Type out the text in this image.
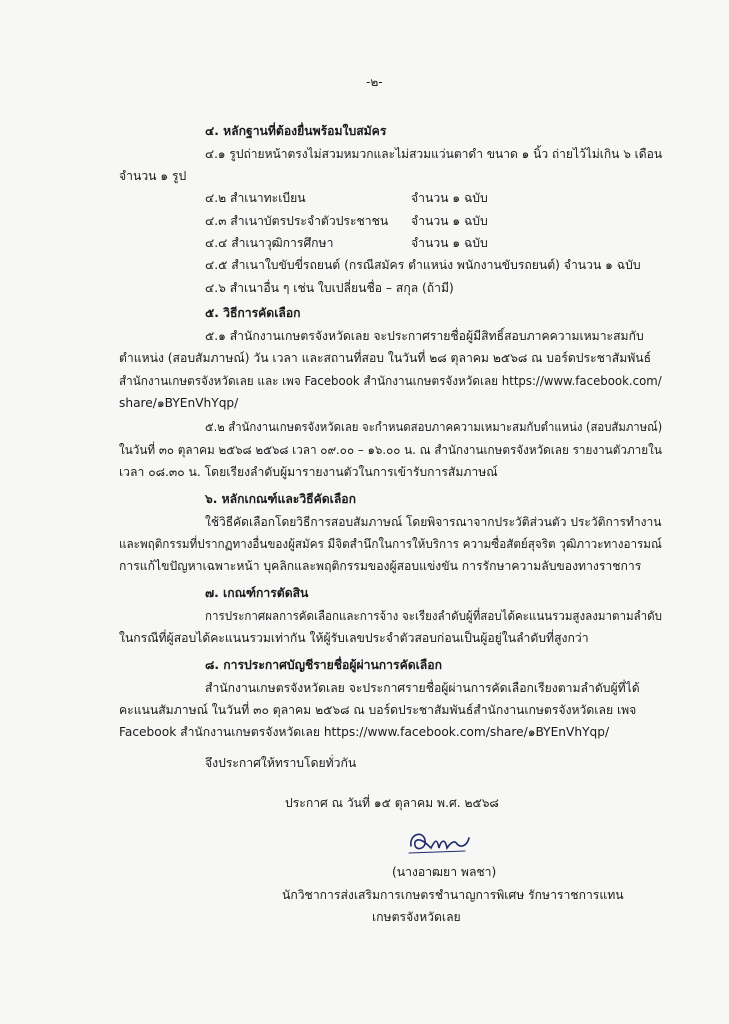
-๒-
๔. หลักฐานที่ต้องยื่นพร้อมใบสมัคร
๔.๑ รูปถ่ายหน้าตรงไม่สวมหมวกและไม่สวมแว่นตาดำ ขนาด ๑ นิ้ว ถ่ายไว้ไม่เกิน ๖ เดือน
จำนวน ๑ รูป
๔.๒ สำเนาทะเบียน	จำนวน ๑ ฉบับ
๔.๓ สำเนาบัตรประจำตัวประชาชน จำนวน ๑ ฉบับ
๔.๔ สำเนาวุฒิการศึกษา	จำนวน ๑ ฉบับ
๔.๕ สำเนาใบขับขี่รถยนต์ (กรณีสมัคร ตำแหน่ง พนักงานขับรถยนต์) จำนวน ๑ ฉบับ
๔.๖ สำเนาอื่น ๆ เช่น ใบเปลี่ยนชื่อ – สกุล (ถ้ามี)
๕. วิธีการคัดเลือก
๕.๑ สำนักงานเกษตรจังหวัดเลย จะประกาศรายชื่อผู้มีสิทธิ์สอบภาคความเหมาะสมกับ
ตำแหน่ง (สอบสัมภาษณ์) วัน เวลา และสถานที่สอบ ในวันที่ ๒๘ ตุลาคม ๒๕๖๘ ณ บอร์ดประชาสัมพันธ์
สำนักงานเกษตรจังหวัดเลย และ เพจ Facebook สำนักงานเกษตรจังหวัดเลย https://www.facebook.com/
share/๑BYEnVhYqp/
๕.๒ สำนักงานเกษตรจังหวัดเลย จะกำหนดสอบภาคความเหมาะสมกับตำแหน่ง (สอบสัมภาษณ์)
ในวันที่ ๓๐ ตุลาคม ๒๕๖๘ ๒๕๖๘ เวลา ๐๙.๐๐ – ๑๖.๐๐ น. ณ สำนักงานเกษตรจังหวัดเลย รายงานตัวภายใน
เวลา ๐๘.๓๐ น. โดยเรียงลำดับผู้มารายงานตัวในการเข้ารับการสัมภาษณ์
๖. หลักเกณฑ์และวิธีคัดเลือก
ใช้วิธีคัดเลือกโดยวิธีการสอบสัมภาษณ์ โดยพิจารณาจากประวัติส่วนตัว ประวัติการทำงาน
และพฤติกรรมที่ปรากฏทางอื่นของผู้สมัคร มีจิตสำนึกในการให้บริการ ความซื่อสัตย์สุจริต วุฒิภาวะทางอารมณ์
การแก้ไขปัญหาเฉพาะหน้า บุคลิกและพฤติกรรมของผู้สอบแข่งขัน การรักษาความลับของทางราชการ
๗. เกณฑ์การตัดสิน
การประกาศผลการคัดเลือกและการจ้าง จะเรียงลำดับผู้ที่สอบได้คะแนนรวมสูงลงมาตามลำดับ
ในกรณีที่ผู้สอบได้คะแนนรวมเท่ากัน ให้ผู้รับเลขประจำตัวสอบก่อนเป็นผู้อยู่ในลำดับที่สูงกว่า
๘. การประกาศบัญชีรายชื่อผู้ผ่านการคัดเลือก
สำนักงานเกษตรจังหวัดเลย จะประกาศรายชื่อผู้ผ่านการคัดเลือกเรียงตามลำดับผู้ที่ได้
คะแนนสัมภาษณ์ ในวันที่ ๓๐ ตุลาคม ๒๕๖๘ ณ บอร์ดประชาสัมพันธ์สำนักงานเกษตรจังหวัดเลย เพจ
Facebook สำนักงานเกษตรจังหวัดเลย https://www.facebook.com/share/๑BYEnVhYqp/
จึงประกาศให้ทราบโดยทั่วกัน
ประกาศ ณ วันที่ ๑๕ ตุลาคม พ.ศ. ๒๕๖๘
(นางอาฒยา พลชา)
นักวิชาการส่งเสริมการเกษตรชำนาญการพิเศษ รักษาราชการแทน
เกษตรจังหวัดเลย
